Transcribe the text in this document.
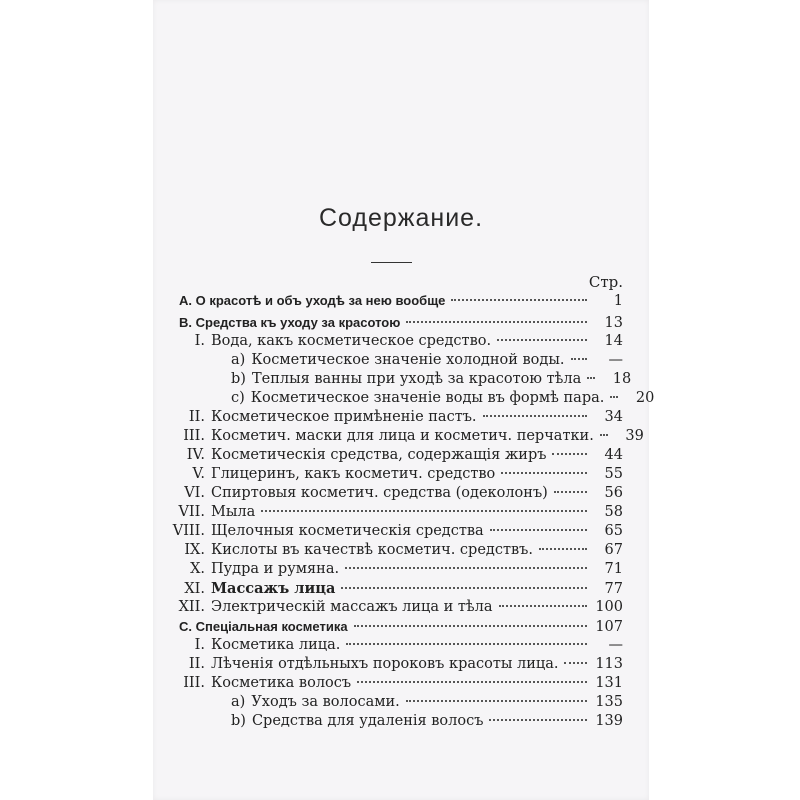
Содержание.
Стр.
A. О красотѣ и объ уходѣ за нею вообще	1
B. Средства къ уходу за красотою	13
I. Вода, какъ косметическое средство.	14
a) Косметическое значеніе холодной воды.	—
b) Теплыя ванны при уходѣ за красотою тѣла	18
c) Косметическое значеніе воды въ формѣ пара.	20
II. Косметическое примѣненіе пастъ.	34
III. Косметич. маски для лица и косметич. перчатки.	39
IV. Косметическія средства, содержащія жиръ	44
V. Глицеринъ, какъ косметич. средство	55
VI. Спиртовыя косметич. средства (одеколонъ)	56
VII. Мыла	58
VIII. Щелочныя косметическія средства	65
IX. Кислоты въ качествѣ косметич. средствъ.	67
X. Пудра и румяна.	71
XI. Массажъ лица	77
XII. Электрическій массажъ лица и тѣла	100
C. Спеціальная косметика	107
I. Косметика лица.	—
II. Лѣченія отдѣльныхъ пороковъ красоты лица.	113
III. Косметика волосъ	131
a) Уходъ за волосами.	135
b) Средства для удаленія волосъ	139
